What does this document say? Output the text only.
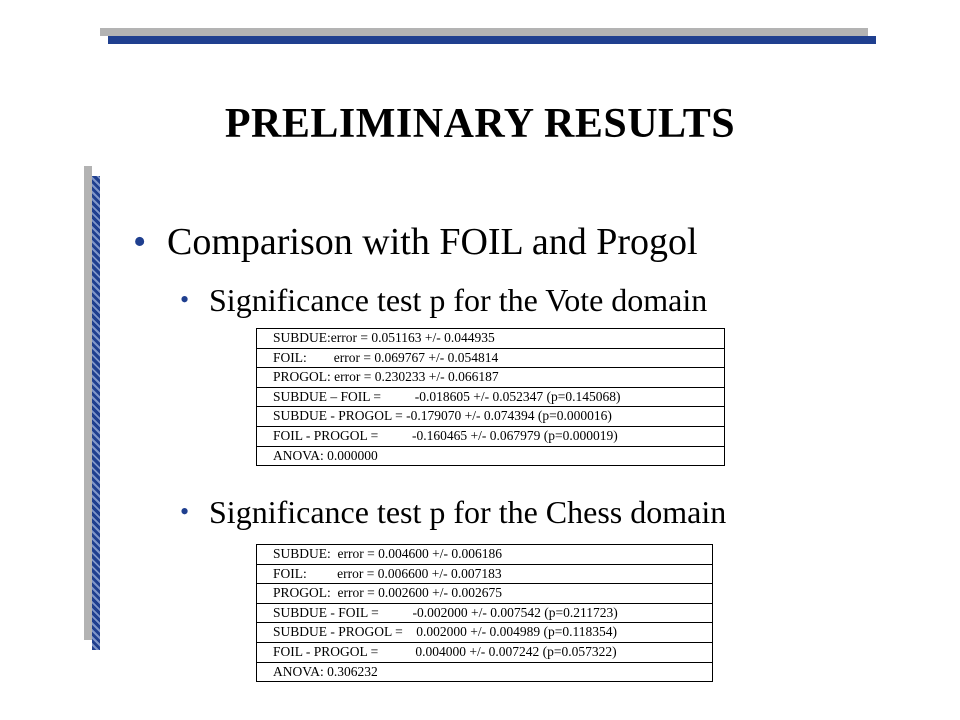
PRELIMINARY RESULTS
• Comparison with FOIL and Progol
• Significance test p for the Vote domain
SUBDUE:error = 0.051163 +/- 0.044935
FOIL:        error = 0.069767 +/- 0.054814
PROGOL: error = 0.230233 +/- 0.066187
SUBDUE – FOIL =          -0.018605 +/- 0.052347 (p=0.145068)
SUBDUE - PROGOL = -0.179070 +/- 0.074394 (p=0.000016)
FOIL - PROGOL =          -0.160465 +/- 0.067979 (p=0.000019)
ANOVA: 0.000000
• Significance test p for the Chess domain
SUBDUE:  error = 0.004600 +/- 0.006186
FOIL:         error = 0.006600 +/- 0.007183
PROGOL:  error = 0.002600 +/- 0.002675
SUBDUE - FOIL =          -0.002000 +/- 0.007542 (p=0.211723)
SUBDUE - PROGOL =    0.002000 +/- 0.004989 (p=0.118354)
FOIL - PROGOL =           0.004000 +/- 0.007242 (p=0.057322)
ANOVA: 0.306232
